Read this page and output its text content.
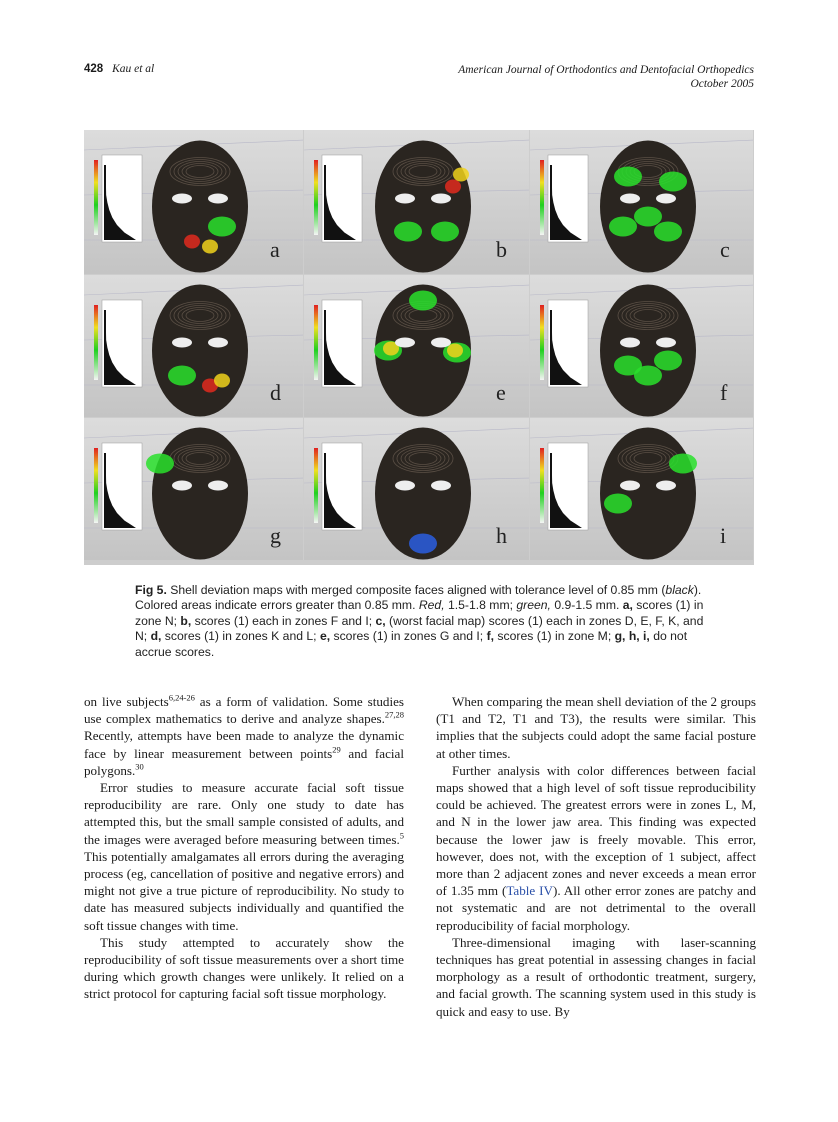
428 Kau et al	American Journal of Orthodontics and Dentofacial Orthopedics
October 2005
a	b	c
d	e	f
g	h	i
Fig 5. Shell deviation maps with merged composite faces aligned with tolerance level of 0.85 mm (black). Colored areas indicate errors greater than 0.85 mm. Red, 1.5-1.8 mm; green, 0.9-1.5 mm. a, scores (1) in zone N; b, scores (1) each in zones F and I; c, (worst facial map) scores (1) each in zones D, E, F, K, and N; d, scores (1) in zones K and L; e, scores (1) in zones G and I; f, scores (1) in zone M; g, h, i, do not accrue scores.

on live subjects$^{6,24-26}$ as a form of validation. Some studies use complex mathematics to derive and analyze shapes.$^{27,28}$ Recently, attempts have been made to analyze the dynamic face by linear measurement between points$^{29}$ and facial polygons.$^{30}$

Error studies to measure accurate facial soft tissue reproducibility are rare. Only one study to date has attempted this, but the small sample consisted of adults, and the images were averaged before measuring between times.$^5$ This potentially amalgamates all errors during the averaging process (eg, cancellation of positive and negative errors) and might not give a true picture of reproducibility. No study to date has measured subjects individually and quantified the soft tissue changes with time.

This study attempted to accurately show the reproducibility of soft tissue measurements over a short time during which growth changes were unlikely. It relied on a strict protocol for capturing facial soft tissue morphology.

When comparing the mean shell deviation of the 2 groups (T1 and T2, T1 and T3), the results were similar. This implies that the subjects could adopt the same facial posture at other times.

Further analysis with color differences between facial maps showed that a high level of soft tissue reproducibility could be achieved. The greatest errors were in zones L, M, and N in the lower jaw area. This finding was expected because the lower jaw is freely movable. This error, however, does not, with the exception of 1 subject, affect more than 2 adjacent zones and never exceeds a mean error of 1.35 mm (Table IV). All other error zones are patchy and not systematic and are not detrimental to the overall reproducibility of facial morphology.

Three-dimensional imaging with laser-scanning techniques has great potential in assessing changes in facial morphology as a result of orthodontic treatment, surgery, and facial growth. The scanning system used in this study is quick and easy to use. By
